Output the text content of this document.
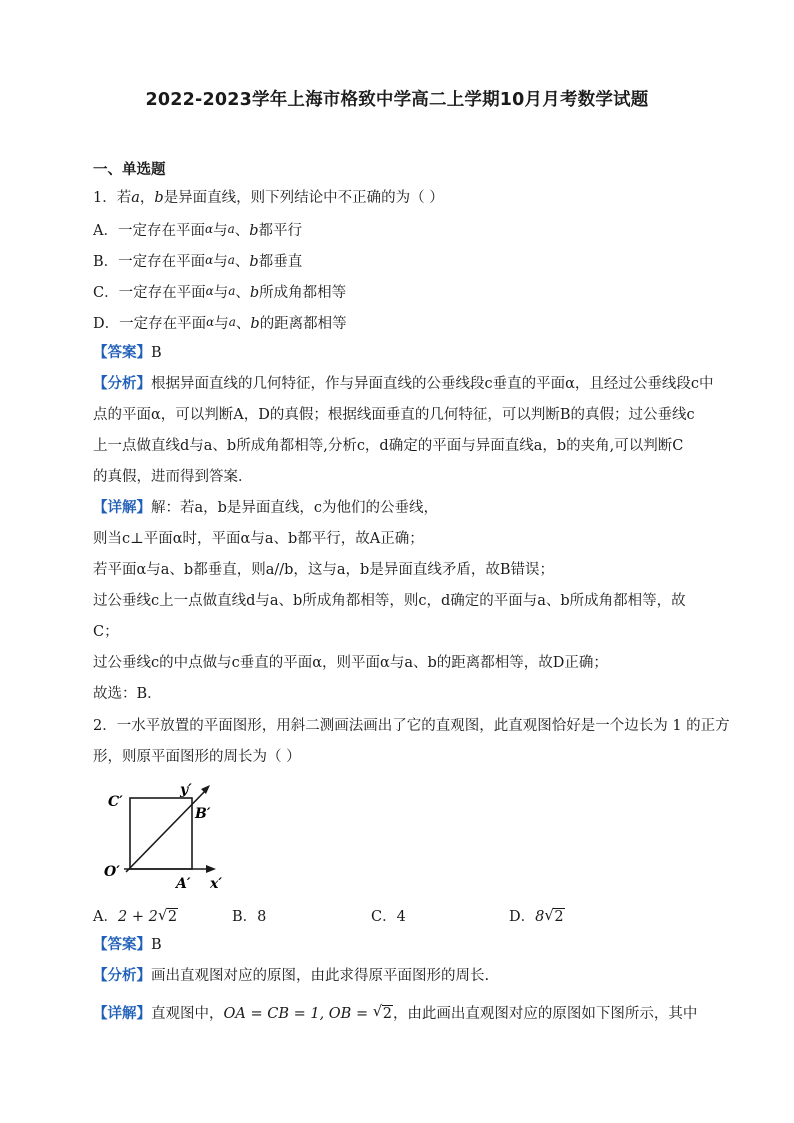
2022-2023学年上海市格致中学高二上学期10月月考数学试题
一、单选题
1．若a，b是异面直线，则下列结论中不正确的为（ ）
A．一定存在平面α与a、b都平行
B．一定存在平面α与a、b都垂直
C．一定存在平面α与a、b所成角都相等
D．一定存在平面α与a、b的距离都相等
【答案】B
【分析】根据异面直线的几何特征，作与异面直线的公垂线段c垂直的平面α，且经过公垂线段c中
点的平面α，可以判断A，D的真假；根据线面垂直的几何特征，可以判断B的真假；过公垂线c
上一点做直线d与a、b所成角都相等,分析c，d确定的平面与异面直线a，b的夹角,可以判断C
的真假，进而得到答案．
【详解】解：若a，b是异面直线，c为他们的公垂线，
则当c⊥平面α时，平面α与a、b都平行，故A正确；
若平面α与a、b都垂直，则a//b，这与a，b是异面直线矛盾，故B错误；
过公垂线c上一点做直线d与a、b所成角都相等，则c，d确定的平面与a、b所成角都相等，故
C；
过公垂线c的中点做与c垂直的平面α，则平面α与a、b的距离都相等，故D正确；
故选：B．
2．一水平放置的平面图形，用斜二测画法画出了它的直观图，此直观图恰好是一个边长为 1 的正方
形，则原平面图形的周长为（ ）
C′
y′
B′
O′
A′ x′
A．2 + 2 √ 2	B．8	C．4	D．8 √ 2
【答案】B
【分析】画出直观图对应的原图，由此求得原平面图形的周长.
【详解】直观图中，OA = CB = 1, OB = √ 2，由此画出直观图对应的原图如下图所示，其中
